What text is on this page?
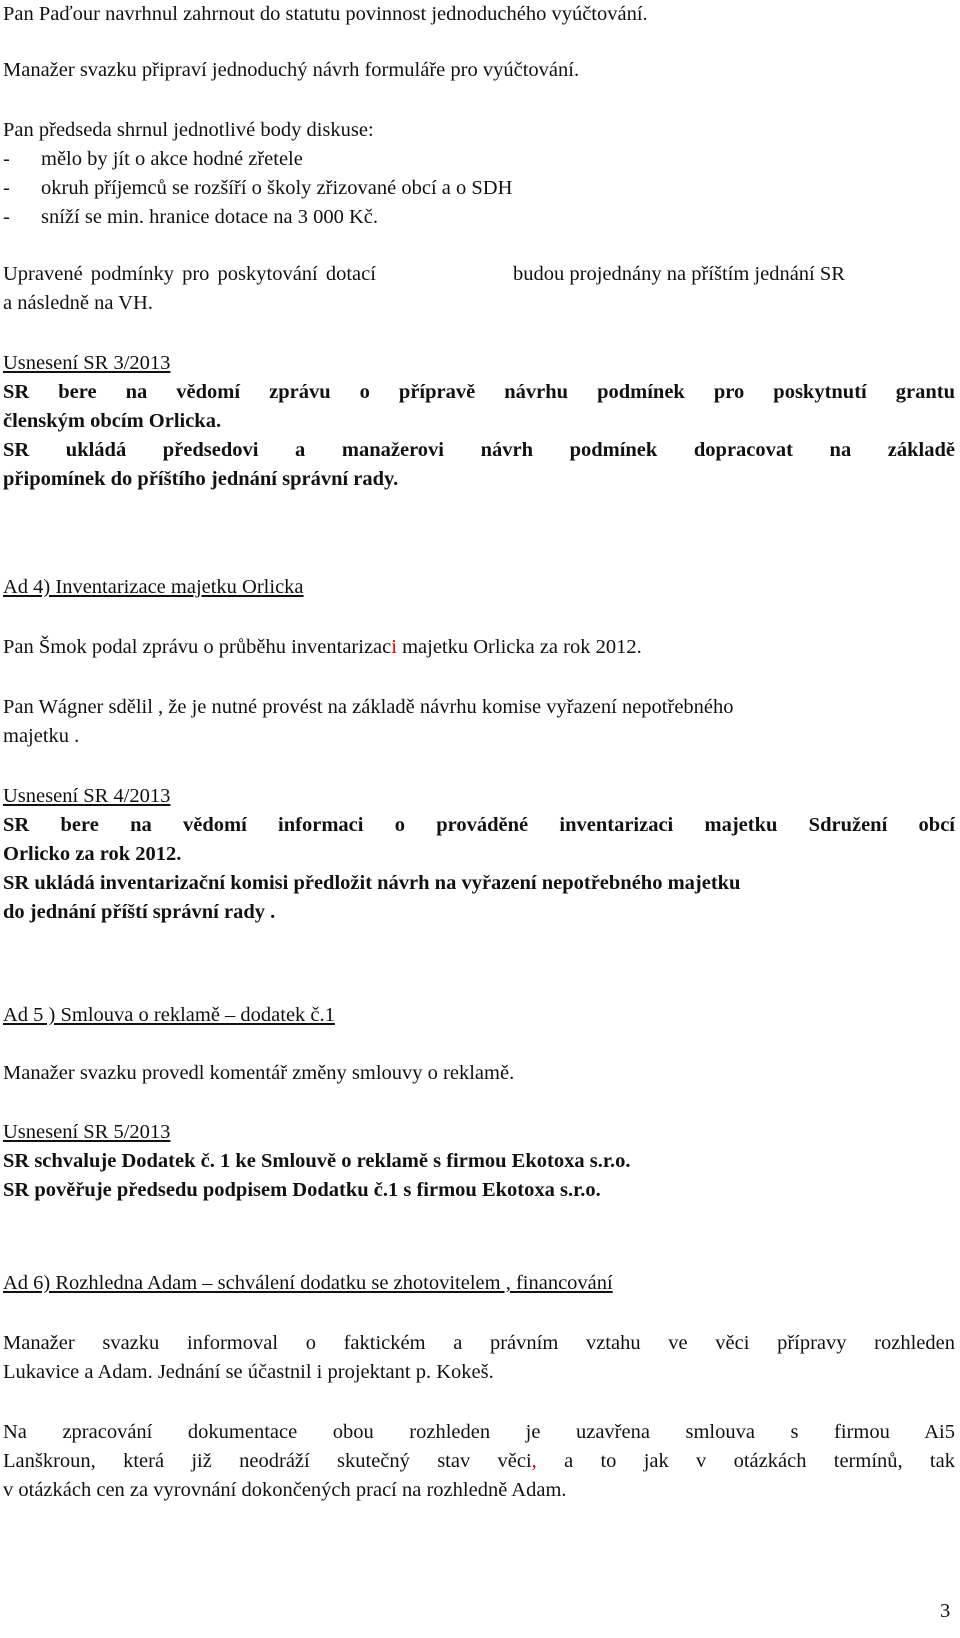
Pan Paďour navrhnul zahrnout do statutu povinnost jednoduchého vyúčtování.
Manažer svazku připraví jednoduchý návrh formuláře pro vyúčtování.
Pan předseda shrnul jednotlivé body diskuse:
- mělo by jít o akce hodné zřetele
- okruh příjemců se rozšíří o školy zřizované obcí a o SDH
- sníží se min. hranice dotace na 3 000 Kč.
Upravené podmínky pro poskytování dotací	budou projednány na příštím jednání SR
a následně na VH.
Usnesení SR 3/2013
SR bere na vědomí zprávu o přípravě návrhu podmínek pro poskytnutí grantu
členským obcím Orlicka.
SR ukládá předsedovi a manažerovi návrh podmínek dopracovat na základě
připomínek do příštího jednání správní rady.
Ad 4) Inventarizace majetku Orlicka
Pan Šmok podal zprávu o průběhu inventarizaci majetku Orlicka za rok 2012.
Pan Wágner sdělil , že je nutné provést na základě návrhu komise vyřazení nepotřebného
majetku .
Usnesení SR 4/2013
SR bere na vědomí informaci o prováděné inventarizaci majetku Sdružení obcí
Orlicko za rok 2012.
SR ukládá inventarizační komisi předložit návrh na vyřazení nepotřebného majetku
do jednání příští správní rady .
Ad 5 ) Smlouva o reklamě – dodatek č.1
Manažer svazku provedl komentář změny smlouvy o reklamě.
Usnesení SR 5/2013
SR schvaluje Dodatek č. 1 ke Smlouvě o reklamě s firmou Ekotoxa s.r.o.
SR pověřuje předsedu podpisem Dodatku č.1 s firmou Ekotoxa s.r.o.
Ad 6) Rozhledna Adam – schválení dodatku se zhotovitelem , financování
Manažer svazku informoval o faktickém a právním vztahu ve věci přípravy rozhleden
Lukavice a Adam. Jednání se účastnil i projektant p. Kokeš.
Na zpracování dokumentace obou rozhleden je uzavřena smlouva s firmou Ai5
Lanškroun, která již neodráží skutečný stav věci, a to jak v otázkách termínů, tak
v otázkách cen za vyrovnání dokončených prací na rozhledně Adam.
3
